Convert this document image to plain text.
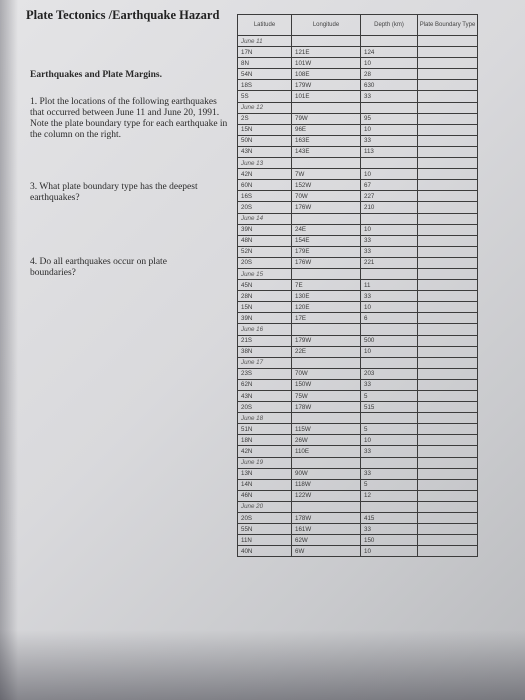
Plate Tectonics /Earthquake Hazard
Earthquakes and Plate Margins.
1. Plot the locations of the following earthquakes that occurred between June 11 and June 20, 1991. Note the plate boundary type for each earthquake in the column on the right.
3. What plate boundary type has the deepest earthquakes?
4. Do all earthquakes occur on plate boundaries?
Latitude	Longitude	Depth (km)	Plate Boundary Type
June 11			
17N	121E	124	
8N	101W	10	
54N	108E	28	
18S	179W	630	
5S	101E	33	
June 12			
2S	79W	95	
15N	96E	10	
50N	163E	33	
43N	143E	113	
June 13			
42N	7W	10	
60N	152W	67	
16S	70W	227	
20S	176W	210	
June 14			
39N	24E	10	
48N	154E	33	
52N	179E	33	
20S	176W	221	
June 15			
45N	7E	11	
28N	130E	33	
15N	120E	10	
39N	17E	6	
June 16			
21S	179W	500	
38N	22E	10	
June 17			
23S	70W	203	
62N	150W	33	
43N	75W	5	
20S	178W	515	
June 18			
51N	115W	5	
18N	26W	10	
42N	110E	33	
June 19			
13N	90W	33	
14N	118W	5	
46N	122W	12	
June 20			
20S	178W	415	
55N	161W	33	
11N	62W	150	
40N	6W	10	
